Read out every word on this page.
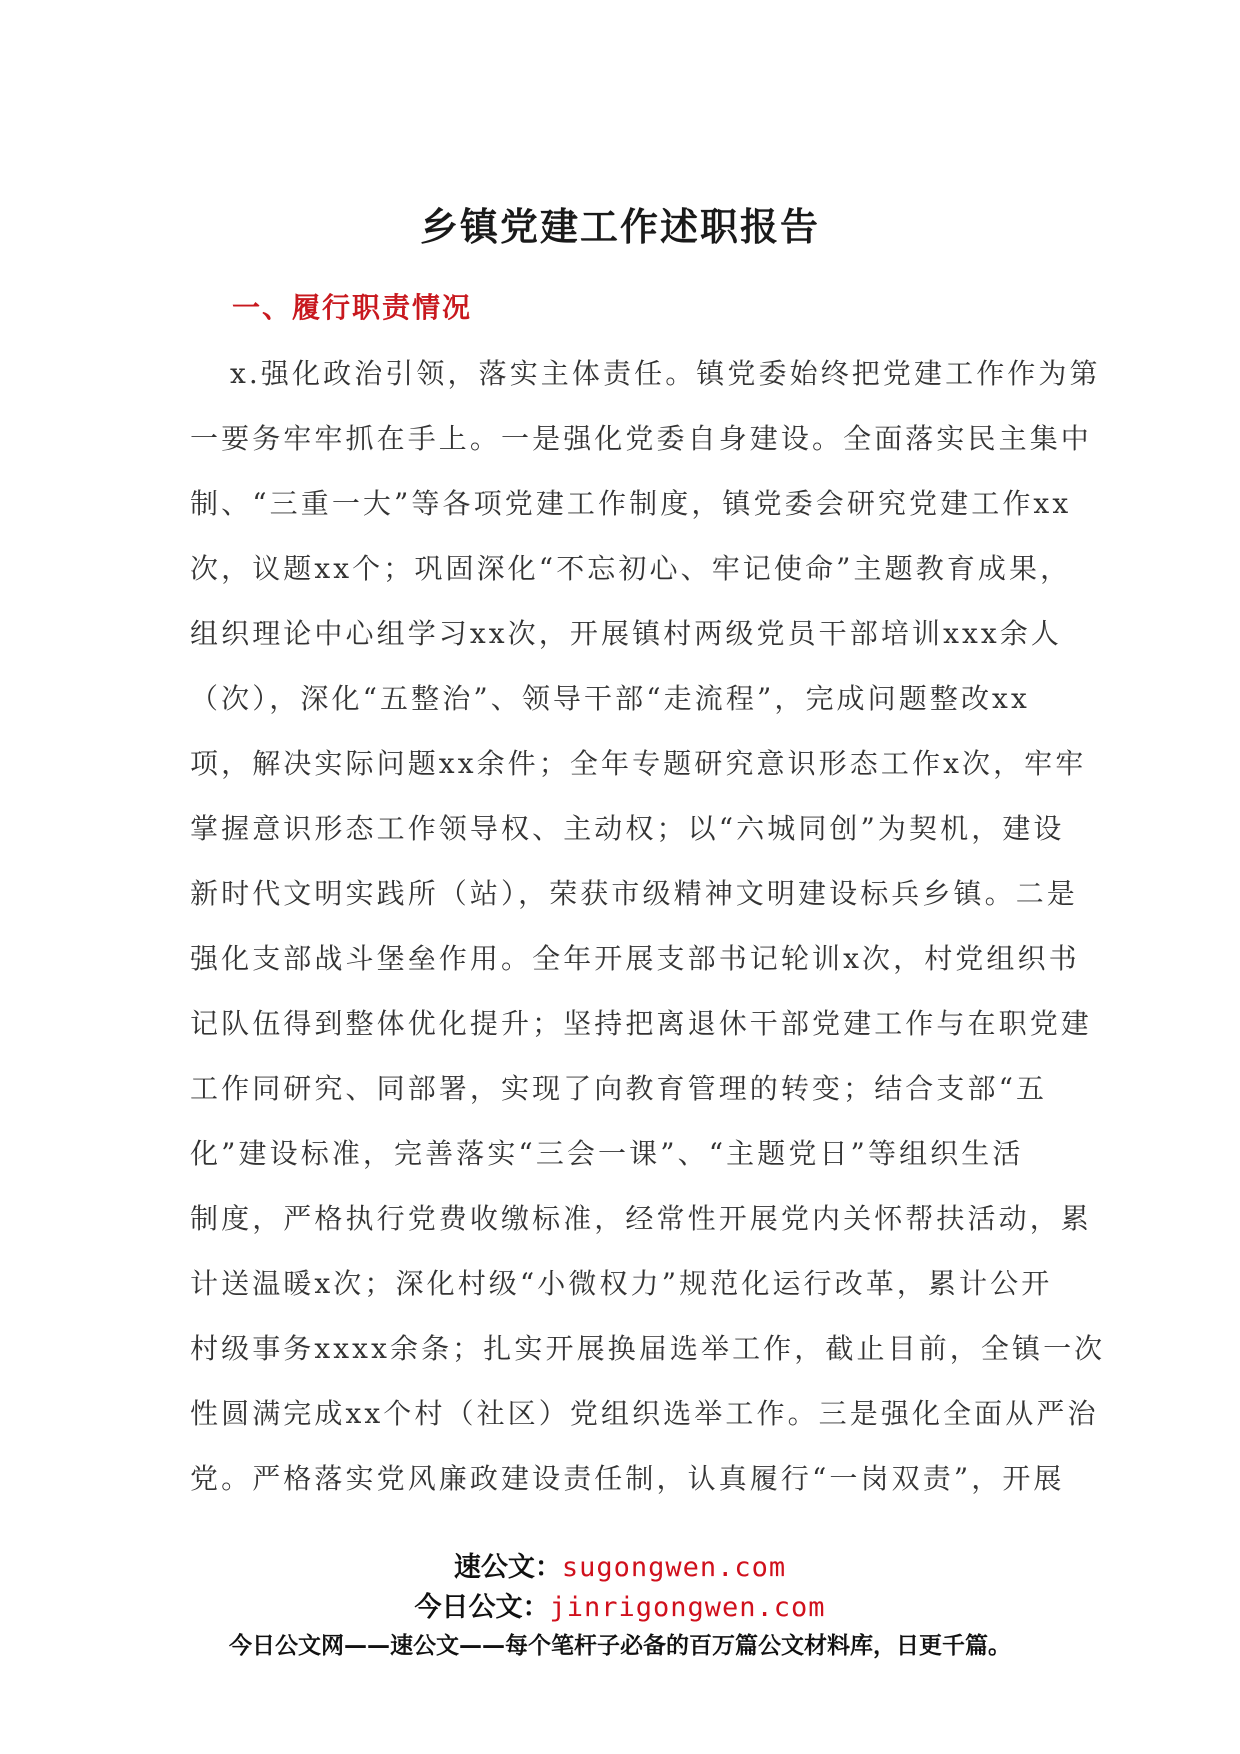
乡镇党建工作述职报告
一、履行职责情况
x.强化政治引领，落实主体责任。镇党委始终把党建工作作为第
一要务牢牢抓在手上。一是强化党委自身建设。全面落实民主集中
制、“三重一大”等各项党建工作制度，镇党委会研究党建工作xx
次，议题xx个；巩固深化“不忘初心、牢记使命”主题教育成果，
组织理论中心组学习xx次，开展镇村两级党员干部培训xxx余人
（次），深化“五整治”、领导干部“走流程”，完成问题整改xx
项，解决实际问题xx余件；全年专题研究意识形态工作x次，牢牢
掌握意识形态工作领导权、主动权；以“六城同创”为契机，建设
新时代文明实践所（站），荣获市级精神文明建设标兵乡镇。二是
强化支部战斗堡垒作用。全年开展支部书记轮训x次，村党组织书
记队伍得到整体优化提升；坚持把离退休干部党建工作与在职党建
工作同研究、同部署，实现了向教育管理的转变；结合支部“五
化”建设标准，完善落实“三会一课”、“主题党日”等组织生活
制度，严格执行党费收缴标准，经常性开展党内关怀帮扶活动，累
计送温暖x次；深化村级“小微权力”规范化运行改革，累计公开
村级事务xxxx余条；扎实开展换届选举工作，截止目前，全镇一次
性圆满完成xx个村（社区）党组织选举工作。三是强化全面从严治
党。严格落实党风廉政建设责任制，认真履行“一岗双责”，开展
速公文：sugongwen.com
今日公文：jinrigongwen.com
今日公文网——速公文——每个笔杆子必备的百万篇公文材料库，日更千篇。
